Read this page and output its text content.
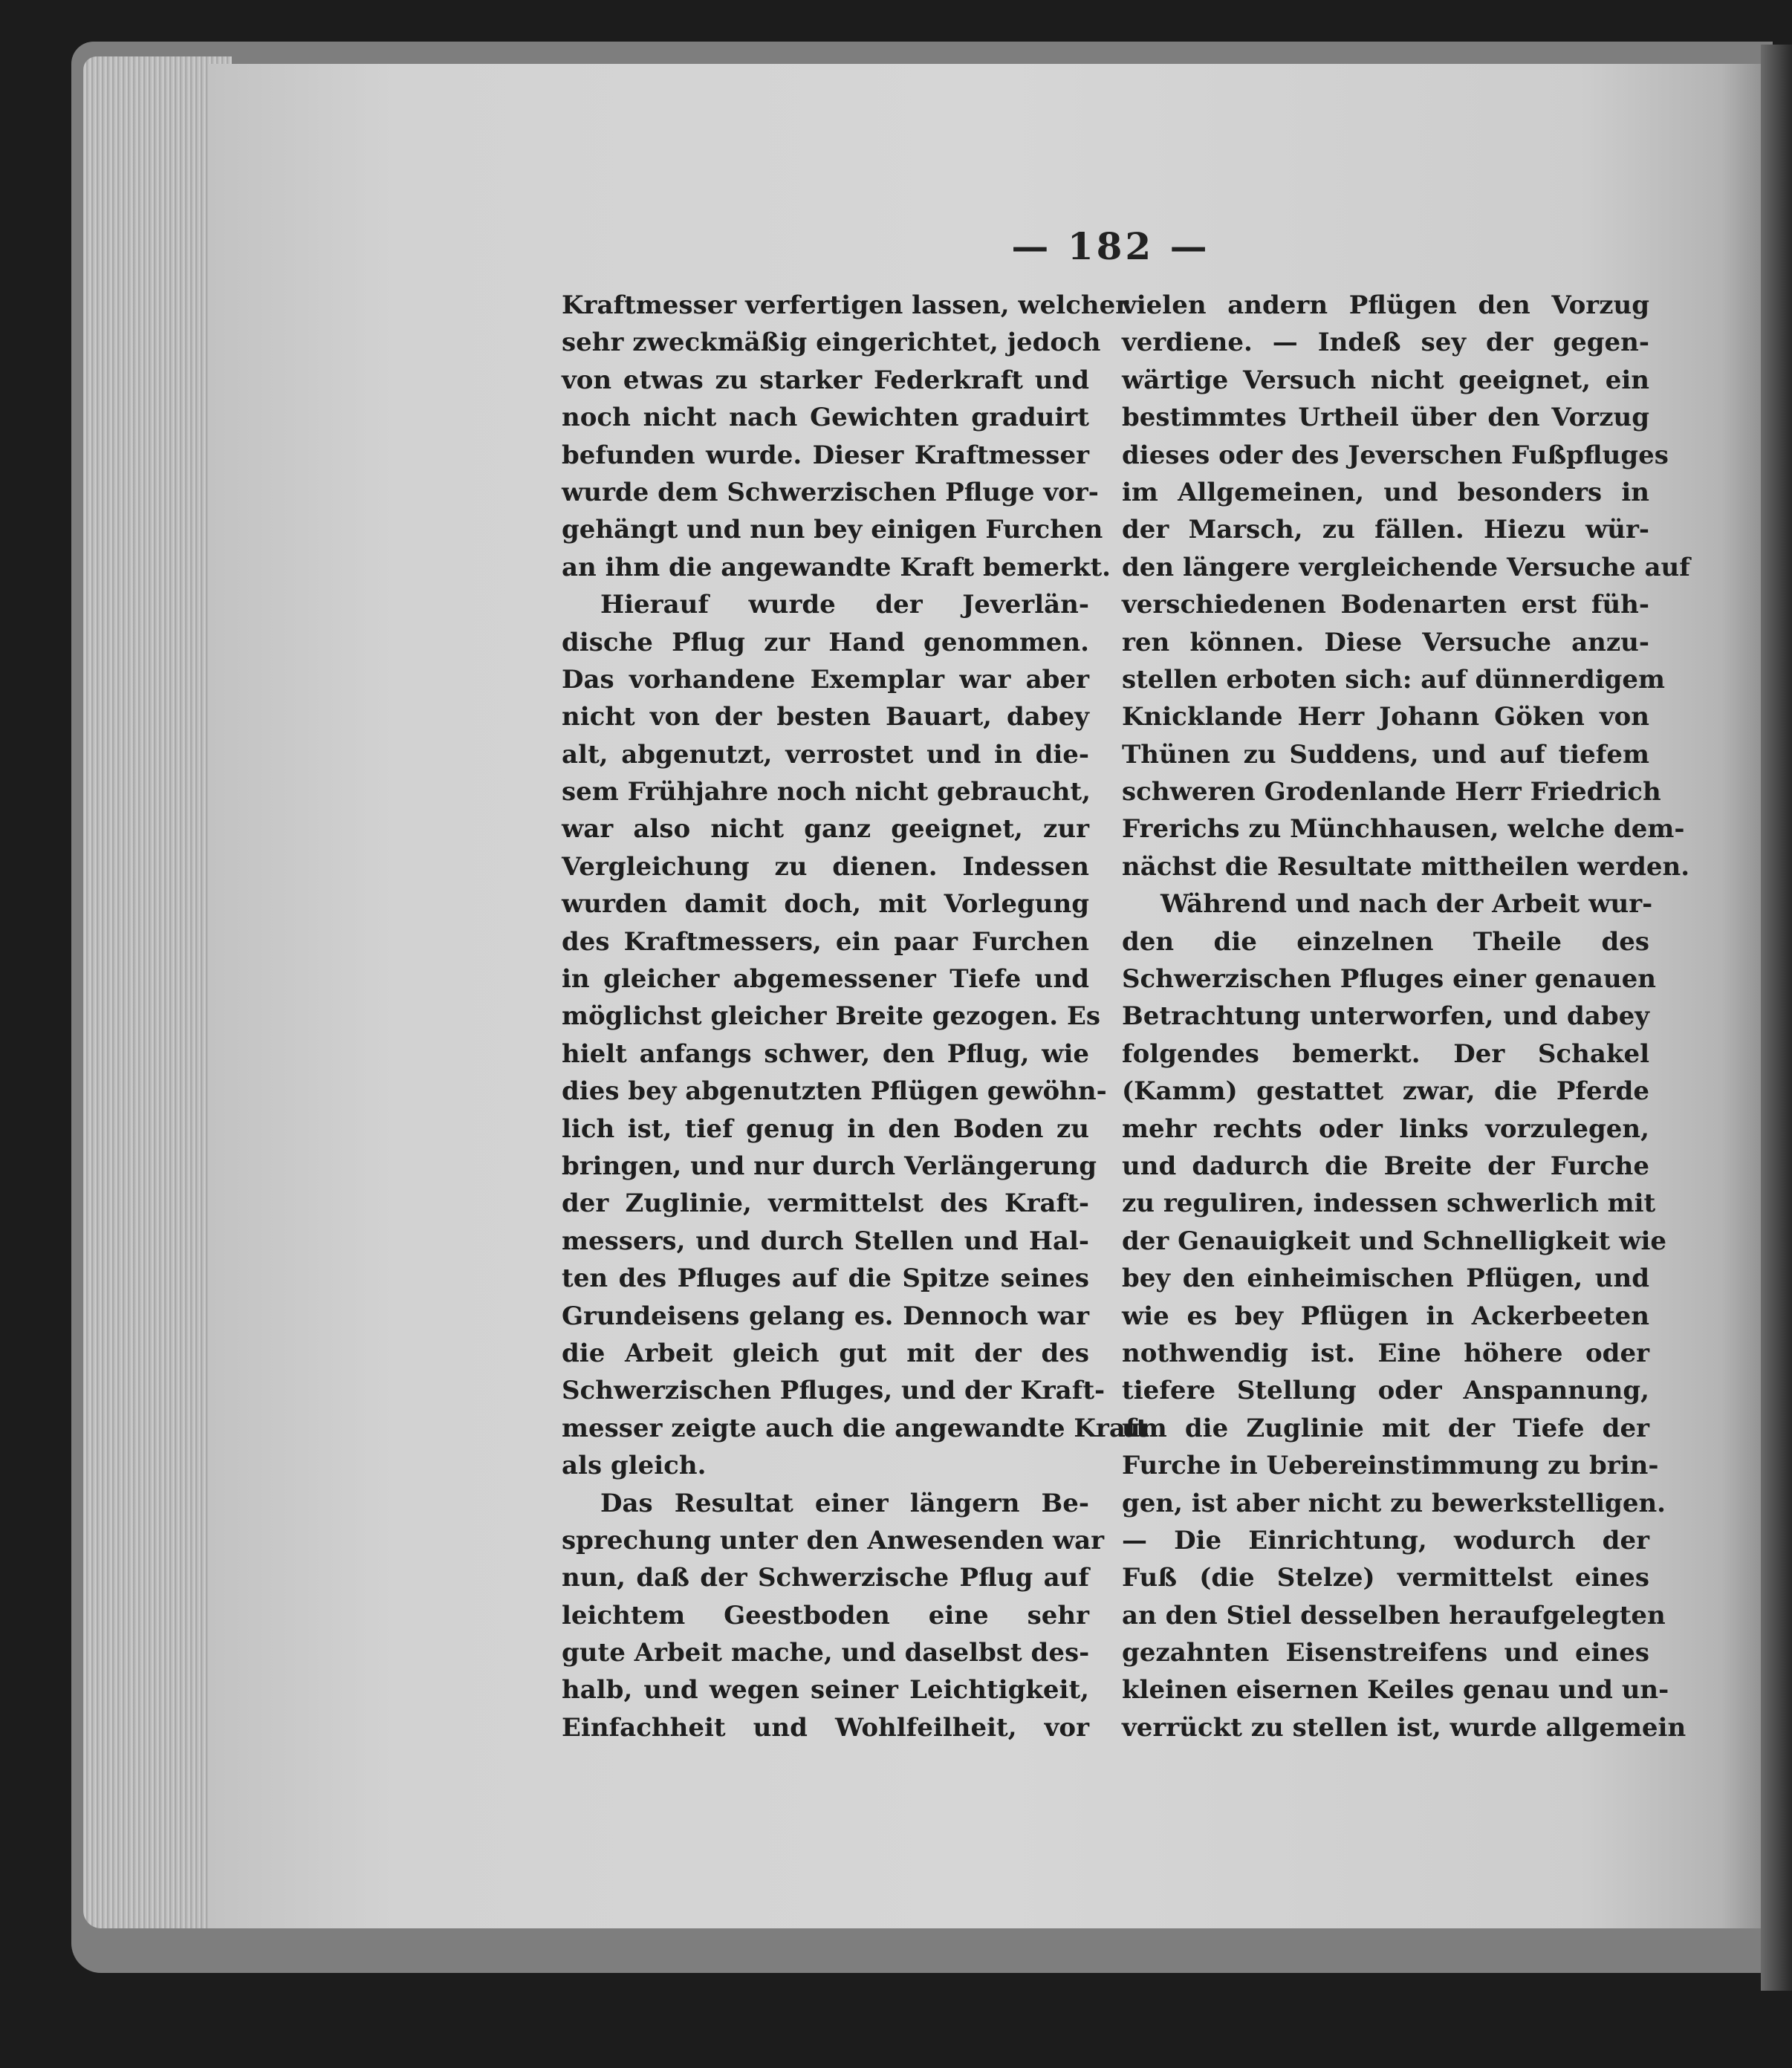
— 182 —
Kraftmesser verfertigen lassen, welcher
sehr zweckmäßig eingerichtet, jedoch
von etwas zu starker Federkraft und
noch nicht nach Gewichten graduirt
befunden wurde. Dieser Kraftmesser
wurde dem Schwerzischen Pfluge vor-
gehängt und nun bey einigen Furchen
an ihm die angewandte Kraft bemerkt.
Hierauf wurde der Jeverlän-
dische Pflug zur Hand genommen.
Das vorhandene Exemplar war aber
nicht von der besten Bauart, dabey
alt, abgenutzt, verrostet und in die-
sem Frühjahre noch nicht gebraucht,
war also nicht ganz geeignet, zur
Vergleichung zu dienen. Indessen
wurden damit doch, mit Vorlegung
des Kraftmessers, ein paar Furchen
in gleicher abgemessener Tiefe und
möglichst gleicher Breite gezogen. Es
hielt anfangs schwer, den Pflug, wie
dies bey abgenutzten Pflügen gewöhn-
lich ist, tief genug in den Boden zu
bringen, und nur durch Verlängerung
der Zuglinie, vermittelst des Kraft-
messers, und durch Stellen und Hal-
ten des Pfluges auf die Spitze seines
Grundeisens gelang es. Dennoch war
die Arbeit gleich gut mit der des
Schwerzischen Pfluges, und der Kraft-
messer zeigte auch die angewandte Kraft
als gleich.
Das Resultat einer längern Be-
sprechung unter den Anwesenden war
nun, daß der Schwerzische Pflug auf
leichtem Geestboden eine sehr
gute Arbeit mache, und daselbst des-
halb, und wegen seiner Leichtigkeit,
Einfachheit und Wohlfeilheit, vor
vielen andern Pflügen den Vorzug
verdiene. — Indeß sey der gegen-
wärtige Versuch nicht geeignet, ein
bestimmtes Urtheil über den Vorzug
dieses oder des Jeverschen Fußpfluges
im Allgemeinen, und besonders in
der Marsch, zu fällen. Hiezu wür-
den längere vergleichende Versuche auf
verschiedenen Bodenarten erst füh-
ren können. Diese Versuche anzu-
stellen erboten sich: auf dünnerdigem
Knicklande Herr Johann Göken von
Thünen zu Suddens, und auf tiefem
schweren Grodenlande Herr Friedrich
Frerichs zu Münchhausen, welche dem-
nächst die Resultate mittheilen werden.
Während und nach der Arbeit wur-
den die einzelnen Theile des
Schwerzischen Pfluges einer genauen
Betrachtung unterworfen, und dabey
folgendes bemerkt. Der Schakel
(Kamm) gestattet zwar, die Pferde
mehr rechts oder links vorzulegen,
und dadurch die Breite der Furche
zu reguliren, indessen schwerlich mit
der Genauigkeit und Schnelligkeit wie
bey den einheimischen Pflügen, und
wie es bey Pflügen in Ackerbeeten
nothwendig ist. Eine höhere oder
tiefere Stellung oder Anspannung,
um die Zuglinie mit der Tiefe der
Furche in Uebereinstimmung zu brin-
gen, ist aber nicht zu bewerkstelligen.
— Die Einrichtung, wodurch der
Fuß (die Stelze) vermittelst eines
an den Stiel desselben heraufgelegten
gezahnten Eisenstreifens und eines
kleinen eisernen Keiles genau und un-
verrückt zu stellen ist, wurde allgemein
